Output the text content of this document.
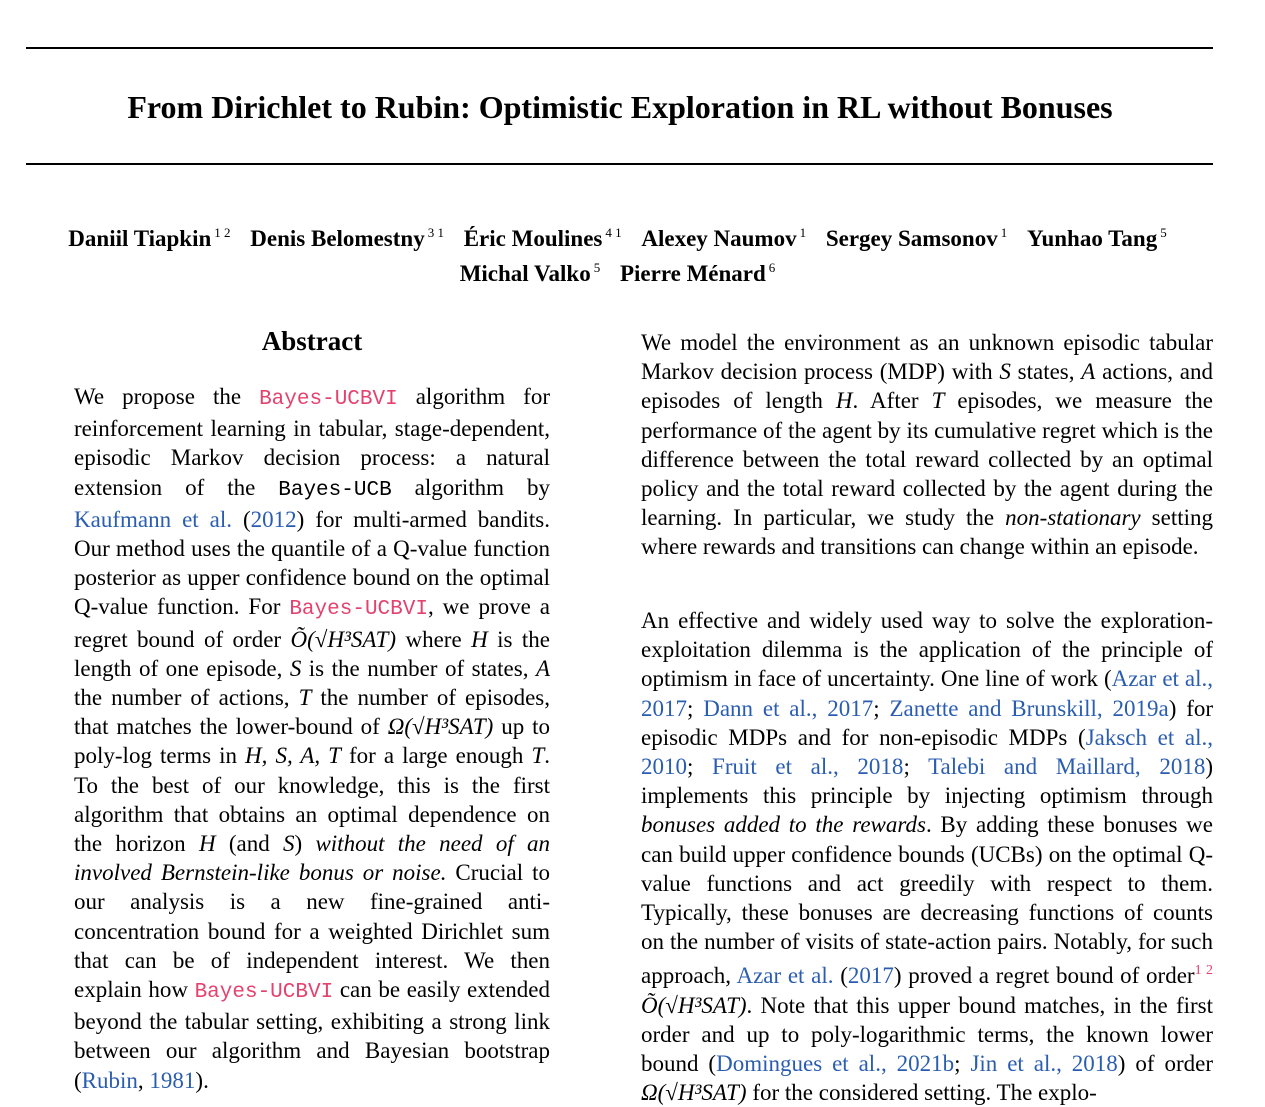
From Dirichlet to Rubin: Optimistic Exploration in RL without Bonuses
Daniil Tiapkin $^{1 2}$ Denis Belomestny $^{3 1}$ Éric Moulines $^{4 1}$ Alexey Naumov $^1$ Sergey Samsonov $^1$ Yunhao Tang $^5$
Michal Valko $^5$ Pierre Ménard $^6$
Abstract

We propose the Bayes-UCBVI algorithm for reinforcement learning in tabular, stage-dependent, episodic Markov decision process: a natural extension of the Bayes-UCB algorithm by Kaufmann et al. (2012) for multi-armed bandits. Our method uses the quantile of a Q-value function posterior as upper confidence bound on the optimal Q-value function. For Bayes-UCBVI, we prove a regret bound of order Õ(√H³SAT) where H is the length of one episode, S is the number of states, A the number of actions, T the number of episodes, that matches the lower-bound of Ω(√H³SAT) up to poly-log terms in H, S, A, T for a large enough T. To the best of our knowledge, this is the first algorithm that obtains an optimal dependence on the horizon H (and S) without the need of an involved Bernstein-like bonus or noise. Crucial to our analysis is a new fine-grained anti-concentration bound for a weighted Dirichlet sum that can be of independent interest. We then explain how Bayes-UCBVI can be easily extended beyond the tabular setting, exhibiting a strong link between our algorithm and Bayesian bootstrap (Rubin, 1981).

We model the environment as an unknown episodic tabular Markov decision process (MDP) with S states, A actions, and episodes of length H. After T episodes, we measure the performance of the agent by its cumulative regret which is the difference between the total reward collected by an optimal policy and the total reward collected by the agent during the learning. In particular, we study the non-stationary setting where rewards and transitions can change within an episode.

An effective and widely used way to solve the exploration-exploitation dilemma is the application of the principle of optimism in face of uncertainty. One line of work (Azar et al., 2017; Dann et al., 2017; Zanette and Brunskill, 2019a) for episodic MDPs and for non-episodic MDPs (Jaksch et al., 2010; Fruit et al., 2018; Talebi and Maillard, 2018) implements this principle by injecting optimism through bonuses added to the rewards. By adding these bonuses we can build upper confidence bounds (UCBs) on the optimal Q-value functions and act greedily with respect to them. Typically, these bonuses are decreasing functions of counts on the number of visits of state-action pairs. Notably, for such approach, Azar et al. (2017) proved a regret bound of order$^{1 2}$ Õ(√H³SAT). Note that this upper bound matches, in the first order and up to poly-logarithmic terms, the known lower bound (Domingues et al., 2021b; Jin et al., 2018) of order Ω(√H³SAT) for the considered setting. The explo-
